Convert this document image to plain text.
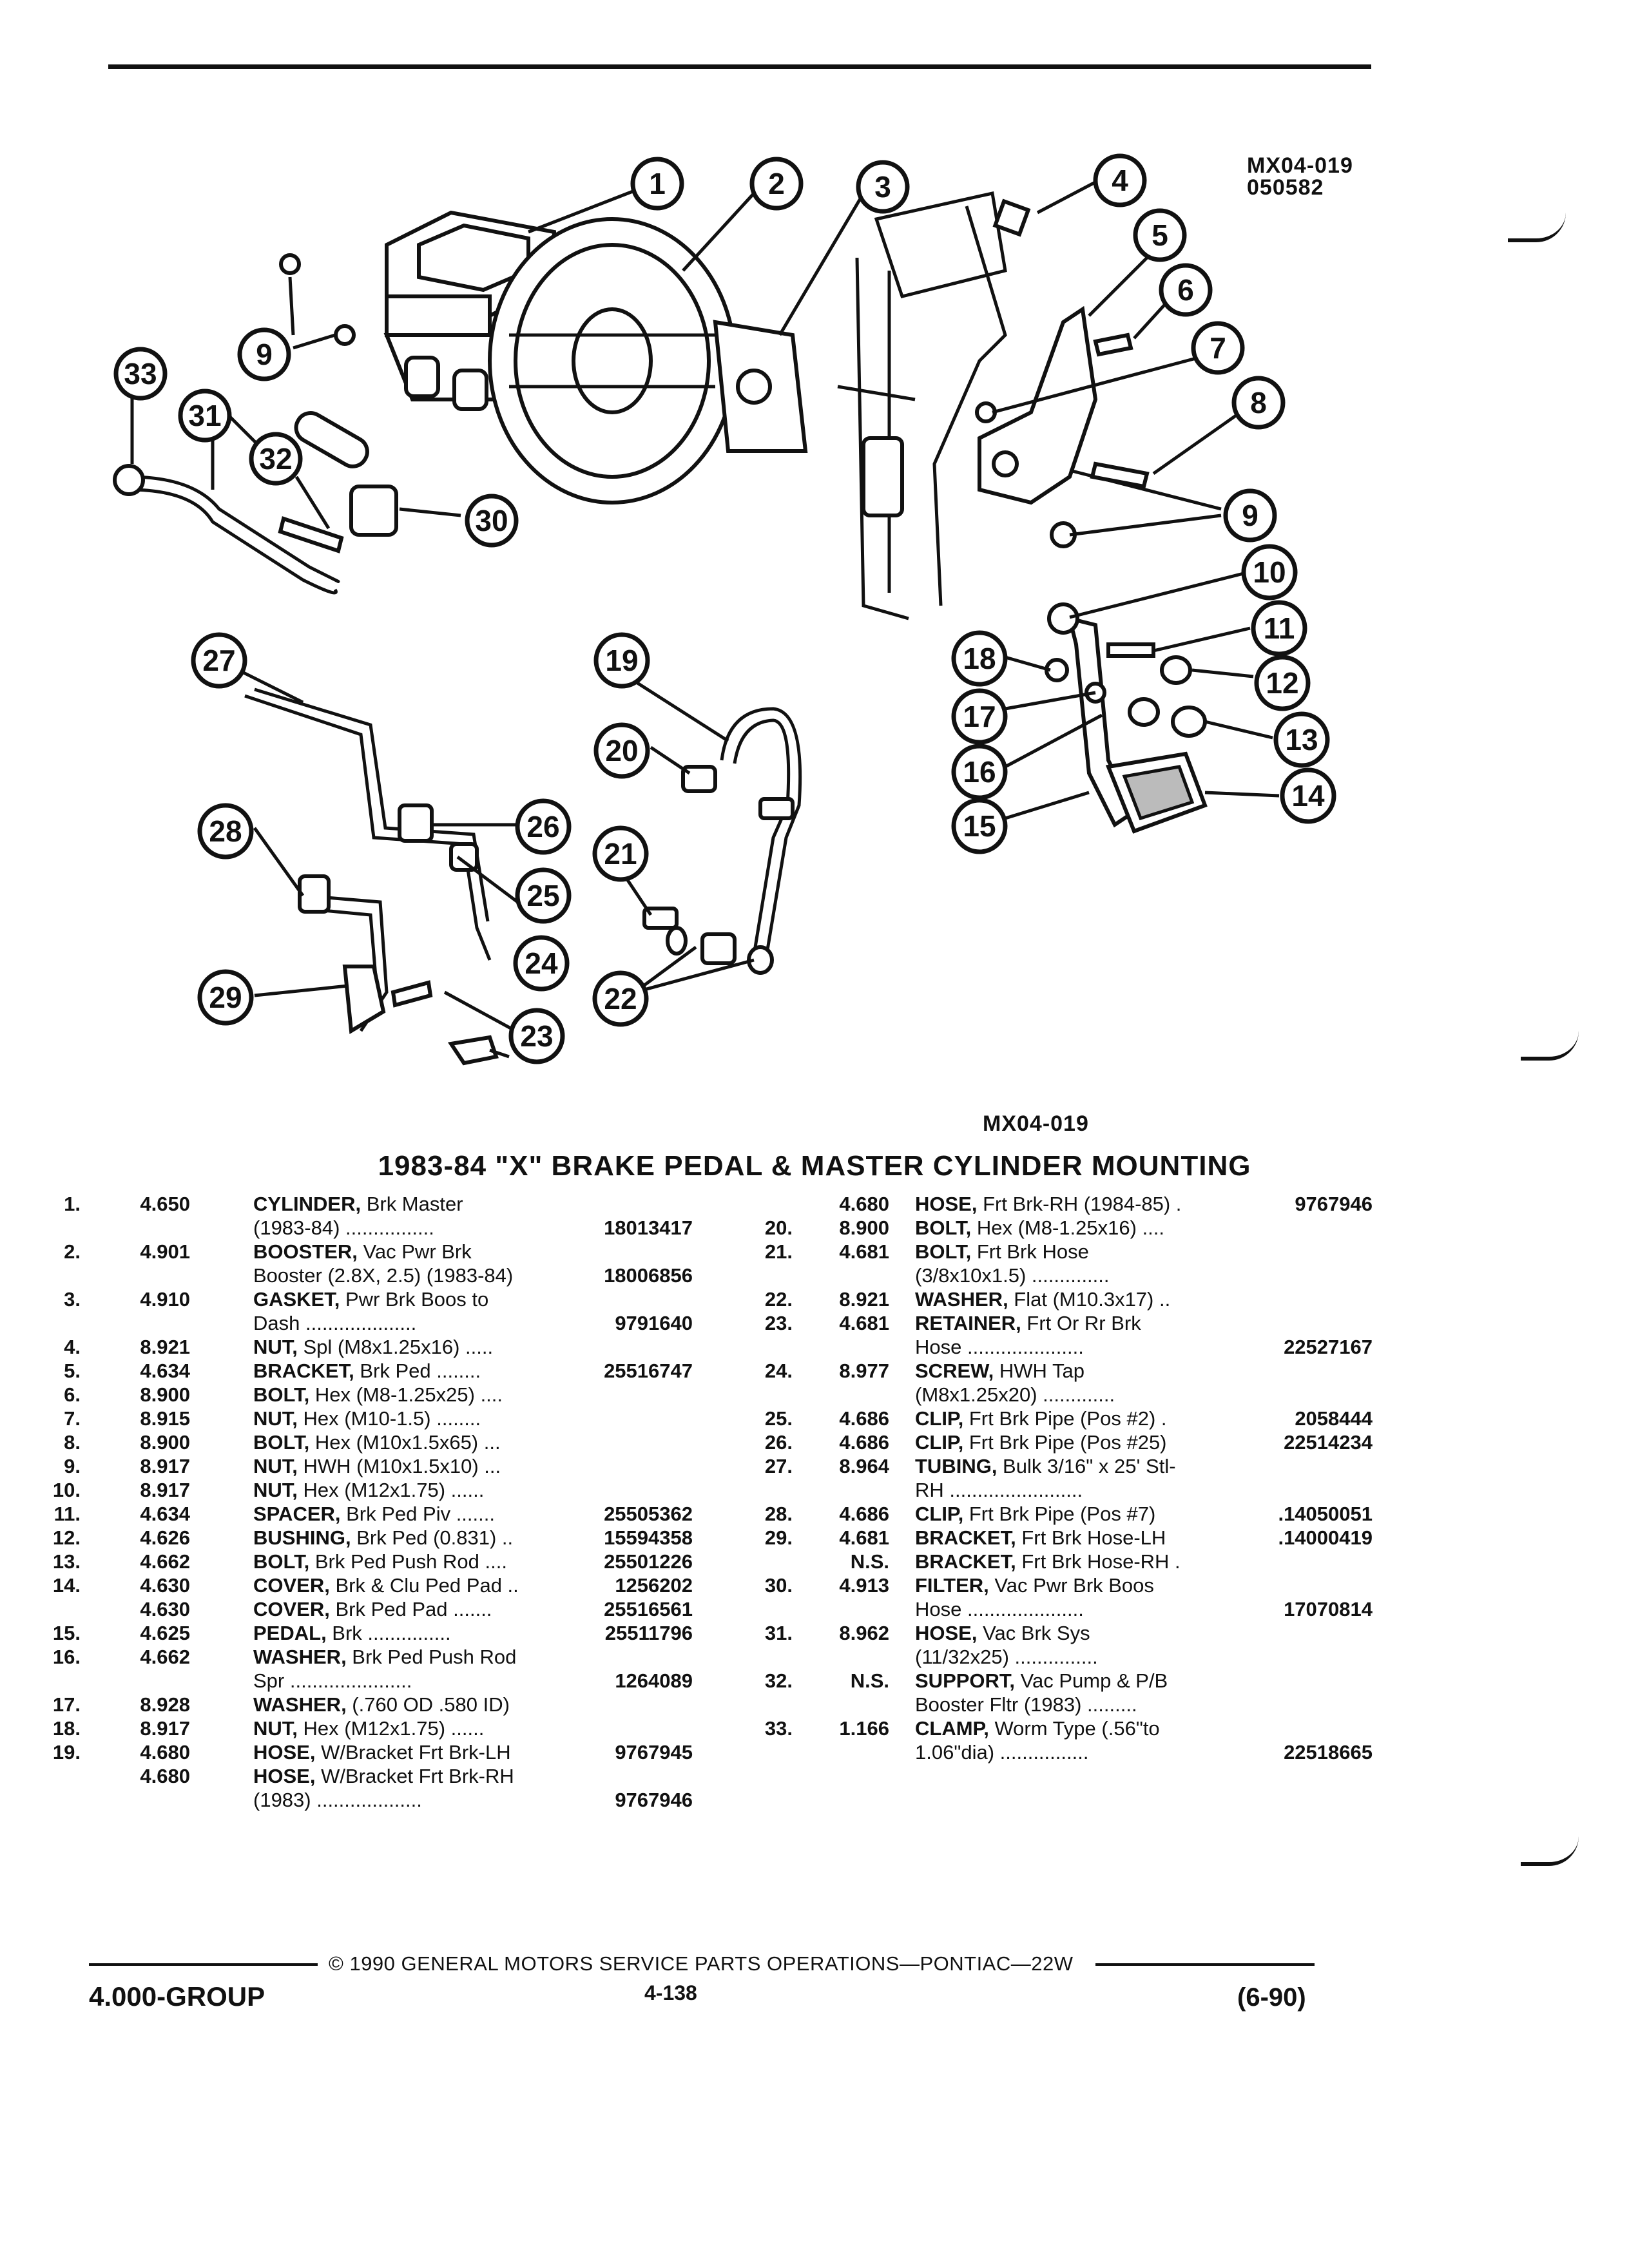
MX04-019
050582
1	2	3	4
5
6
7
8
9
10
11
12
13
14
15
16
17
18
19
20
21
22
23
24
25
26
27
28
29
30
31
32
33
9
MX04-019
1983-84 "X" BRAKE PEDAL & MASTER CYLINDER MOUNTING
1.	4.650	CYLINDER, Brk Master
(1983-84) ................	18013417
2.	4.901	BOOSTER, Vac Pwr Brk
Booster (2.8X, 2.5) (1983-84)	18006856
3.	4.910	GASKET, Pwr Brk Boos to
Dash ....................	9791640
4.	8.921	NUT, Spl (M8x1.25x16) .....
5.	4.634	BRACKET, Brk Ped ........	25516747
6.	8.900	BOLT, Hex (M8-1.25x25) ....
7.	8.915	NUT, Hex (M10-1.5) ........
8.	8.900	BOLT, Hex (M10x1.5x65) ...
9.	8.917	NUT, HWH (M10x1.5x10) ...
10.	8.917	NUT, Hex (M12x1.75) ......
11.	4.634	SPACER, Brk Ped Piv .......	25505362
12.	4.626	BUSHING, Brk Ped (0.831) ..	15594358
13.	4.662	BOLT, Brk Ped Push Rod ....	25501226
14.	4.630	COVER, Brk & Clu Ped Pad ..	1256202
4.630	COVER, Brk Ped Pad .......	25516561
15.	4.625	PEDAL, Brk ...............	25511796
16.	4.662	WASHER, Brk Ped Push Rod
Spr ......................	1264089
17.	8.928	WASHER, (.760 OD .580 ID)
18.	8.917	NUT, Hex (M12x1.75) ......
19.	4.680	HOSE, W/Bracket Frt Brk-LH	9767945
4.680	HOSE, W/Bracket Frt Brk-RH
(1983) ...................	9767946
4.680 HOSE, Frt Brk-RH (1984-85) .	9767946
20.	8.900 BOLT, Hex (M8-1.25x16) ....
21.	4.681 BOLT, Frt Brk Hose
(3/8x10x1.5) ..............
22.	8.921 WASHER, Flat (M10.3x17) ..
23.	4.681 RETAINER, Frt Or Rr Brk
Hose .....................	22527167
24.	8.977 SCREW, HWH Tap
(M8x1.25x20) .............
25.	4.686 CLIP, Frt Brk Pipe (Pos #2) .	2058444
26.	4.686 CLIP, Frt Brk Pipe (Pos #25)	22514234
27.	8.964 TUBING, Bulk 3/16" x 25' Stl-
RH ........................
28.	4.686 CLIP, Frt Brk Pipe (Pos #7)	.14050051
29.	4.681 BRACKET, Frt Brk Hose-LH	.14000419
N.S. BRACKET, Frt Brk Hose-RH .
30.	4.913 FILTER, Vac Pwr Brk Boos
Hose .....................	17070814
31.	8.962 HOSE, Vac Brk Sys
(11/32x25) ...............
32.	N.S. SUPPORT, Vac Pump & P/B
Booster Fltr (1983) .........
33.	1.166 CLAMP, Worm Type (.56"to
1.06"dia) ................	22518665
© 1990 GENERAL MOTORS SERVICE PARTS OPERATIONS—PONTIAC—22W
4.000-GROUP	4-138	(6-90)
